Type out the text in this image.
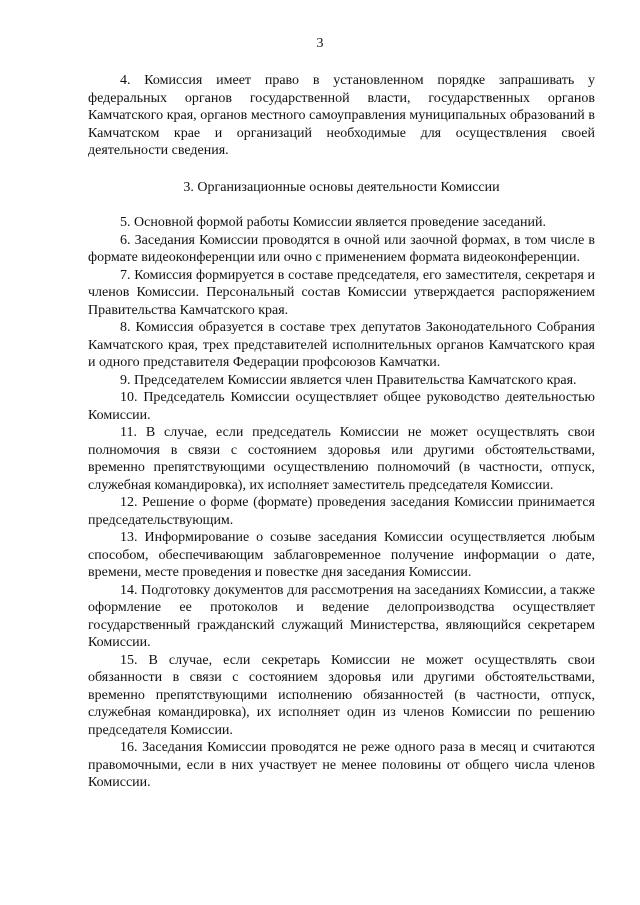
3

4. Комиссия имеет право в установленном порядке запрашивать у федеральных органов государственной власти, государственных органов Камчатского края, органов местного самоуправления муниципальных образований в Камчатском крае и организаций необходимые для осуществления своей деятельности сведения.

3. Организационные основы деятельности Комиссии

5. Основной формой работы Комиссии является проведение заседаний.

6. Заседания Комиссии проводятся в очной или заочной формах, в том числе в формате видеоконференции или очно с применением формата видеоконференции.

7. Комиссия формируется в составе председателя, его заместителя, секретаря и членов Комиссии. Персональный состав Комиссии утверждается распоряжением Правительства Камчатского края.

8. Комиссия образуется в составе трех депутатов Законодательного Собрания Камчатского края, трех представителей исполнительных органов Камчатского края и одного представителя Федерации профсоюзов Камчатки.

9. Председателем Комиссии является член Правительства Камчатского края.

10. Председатель Комиссии осуществляет общее руководство деятельностью Комиссии.

11. В случае, если председатель Комиссии не может осуществлять свои полномочия в связи с состоянием здоровья или другими обстоятельствами, временно препятствующими осуществлению полномочий (в частности, отпуск, служебная командировка), их исполняет заместитель председателя Комиссии.

12. Решение о форме (формате) проведения заседания Комиссии принимается председательствующим.

13. Информирование о созыве заседания Комиссии осуществляется любым способом, обеспечивающим заблаговременное получение информации о дате, времени, месте проведения и повестке дня заседания Комиссии.

14. Подготовку документов для рассмотрения на заседаниях Комиссии, а также оформление ее протоколов и ведение делопроизводства осуществляет государственный гражданский служащий Министерства, являющийся секретарем Комиссии.

15. В случае, если секретарь Комиссии не может осуществлять свои обязанности в связи с состоянием здоровья или другими обстоятельствами, временно препятствующими исполнению обязанностей (в частности, отпуск, служебная командировка), их исполняет один из членов Комиссии по решению председателя Комиссии.

16. Заседания Комиссии проводятся не реже одного раза в месяц и считаются правомочными, если в них участвует не менее половины от общего числа членов Комиссии.
